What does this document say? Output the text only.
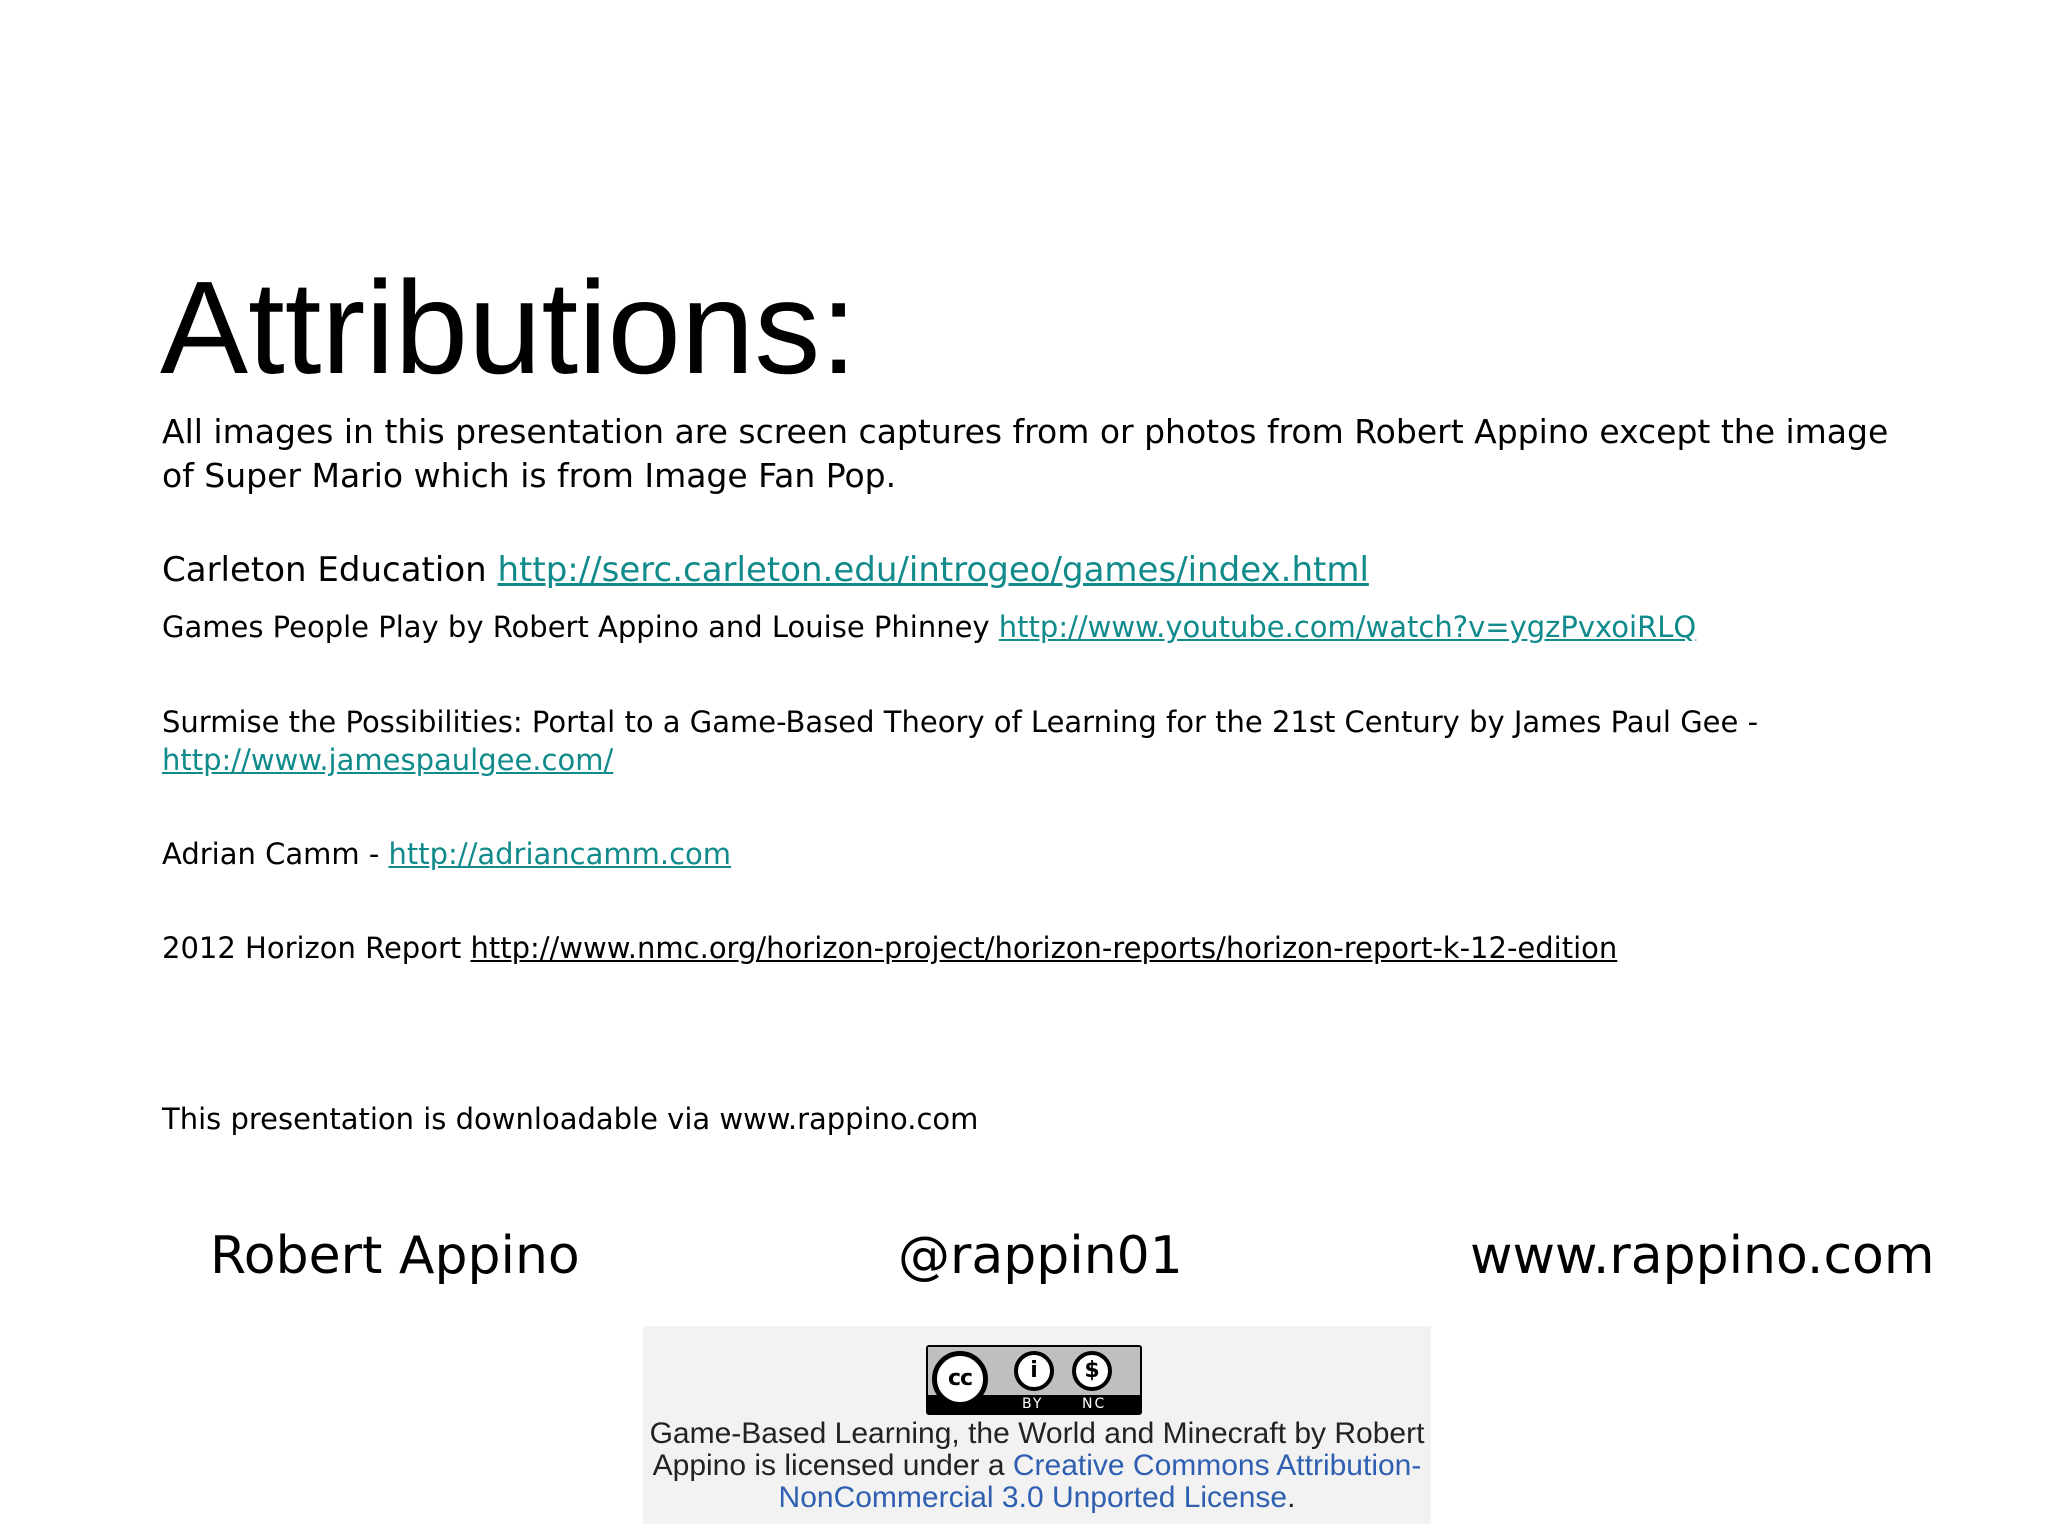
Attributions:
All images in this presentation are screen captures from or photos from Robert Appino except the image of Super Mario which is from Image Fan Pop.
Carleton Education http://serc.carleton.edu/introgeo/games/index.html
Games People Play by Robert Appino and Louise Phinney http://www.youtube.com/watch?v=ygzPvxoiRLQ
Surmise the Possibilities: Portal to a Game-Based Theory of Learning for the 21st Century by James Paul Gee -
http://www.jamespaulgee.com/
Adrian Camm - http://adriancamm.com
2012 Horizon Report http://www.nmc.org/horizon-project/horizon-reports/horizon-report-k-12-edition
This presentation is downloadable via www.rappino.com
Robert Appino	@rappin01	www.rappino.com
cc	i	$
BY	NC
Game-Based Learning, the World and Minecraft by Robert Appino is licensed under a Creative Commons Attribution-NonCommercial 3.0 Unported License.
